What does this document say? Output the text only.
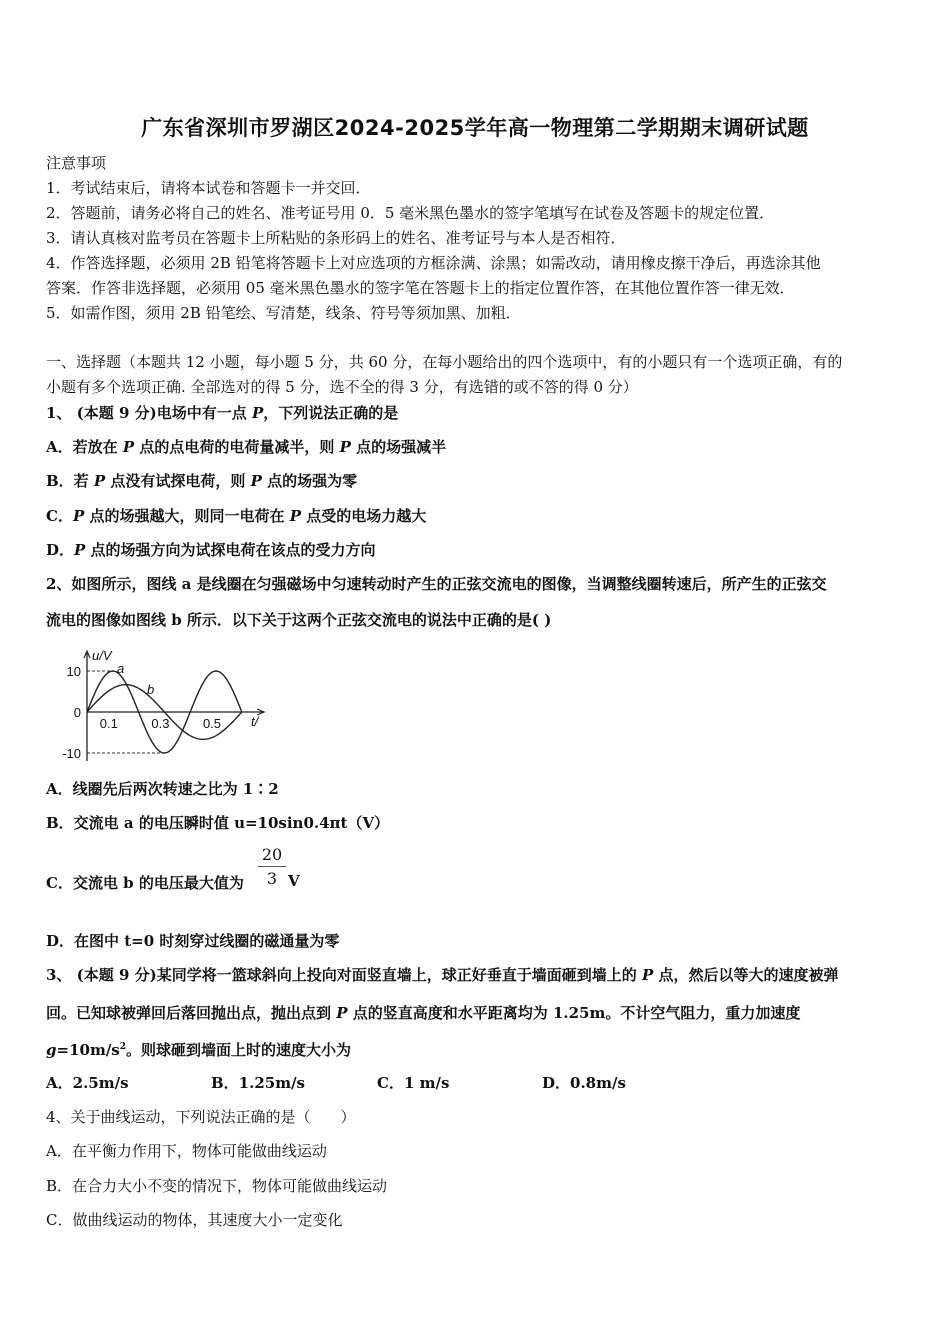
广东省深圳市罗湖区2024-2025学年高一物理第二学期期末调研试题
注意事项
1．考试结束后，请将本试卷和答题卡一并交回．
2．答题前，请务必将自己的姓名、准考证号用 0．5 毫米黑色墨水的签字笔填写在试卷及答题卡的规定位置．
3．请认真核对监考员在答题卡上所粘贴的条形码上的姓名、准考证号与本人是否相符．
4．作答选择题，必须用 2B 铅笔将答题卡上对应选项的方框涂满、涂黑；如需改动，请用橡皮擦干净后，再选涂其他
答案．作答非选择题，必须用 05 毫米黑色墨水的签字笔在答题卡上的指定位置作答，在其他位置作答一律无效．
5．如需作图，须用 2B 铅笔绘、写清楚，线条、符号等须加黑、加粗．
一、选择题（本题共 12 小题，每小题 5 分，共 60 分，在每小题给出的四个选项中，有的小题只有一个选项正确，有的
小题有多个选项正确. 全部选对的得 5 分，选不全的得 3 分，有选错的或不答的得 0 分）
1、 (本题 9 分)电场中有一点 P，下列说法正确的是
A．若放在 P 点的点电荷的电荷量减半，则 P 点的场强减半
B．若 P 点没有试探电荷，则 P 点的场强为零
C．P 点的场强越大，则同一电荷在 P 点受的电场力越大
D．P 点的场强方向为试探电荷在该点的受力方向
2、如图所示，图线 a 是线圈在匀强磁场中匀速转动时产生的正弦交流电的图像，当调整线圈转速后，所产生的正弦交
流电的图像如图线 b 所示．以下关于这两个正弦交流电的说法中正确的是( )
u/V
10
0
-10
0.1	0.3	0.5 t/
a
b
A．线圈先后两次转速之比为 1∶2
B．交流电 a 的电压瞬时值 u=10sin0.4πt（V）
C．交流电 b 的电压最大值为 $\frac{20}{3}$ V
D．在图中 t=0 时刻穿过线圈的磁通量为零
3、 (本题 9 分)某同学将一篮球斜向上投向对面竖直墙上，球正好垂直于墙面砸到墙上的 P 点，然后以等大的速度被弹
回。已知球被弹回后落回抛出点，抛出点到 P 点的竖直高度和水平距离均为 1.25m。不计空气阻力，重力加速度
$g=10m/s^2$。则球砸到墙面上时的速度大小为
A．2.5m/s	B．1.25m/s	C．1 m/s	D．0.8m/s
4、关于曲线运动，下列说法正确的是（　　）
A．在平衡力作用下，物体可能做曲线运动
B．在合力大小不变的情况下，物体可能做曲线运动
C．做曲线运动的物体，其速度大小一定变化
